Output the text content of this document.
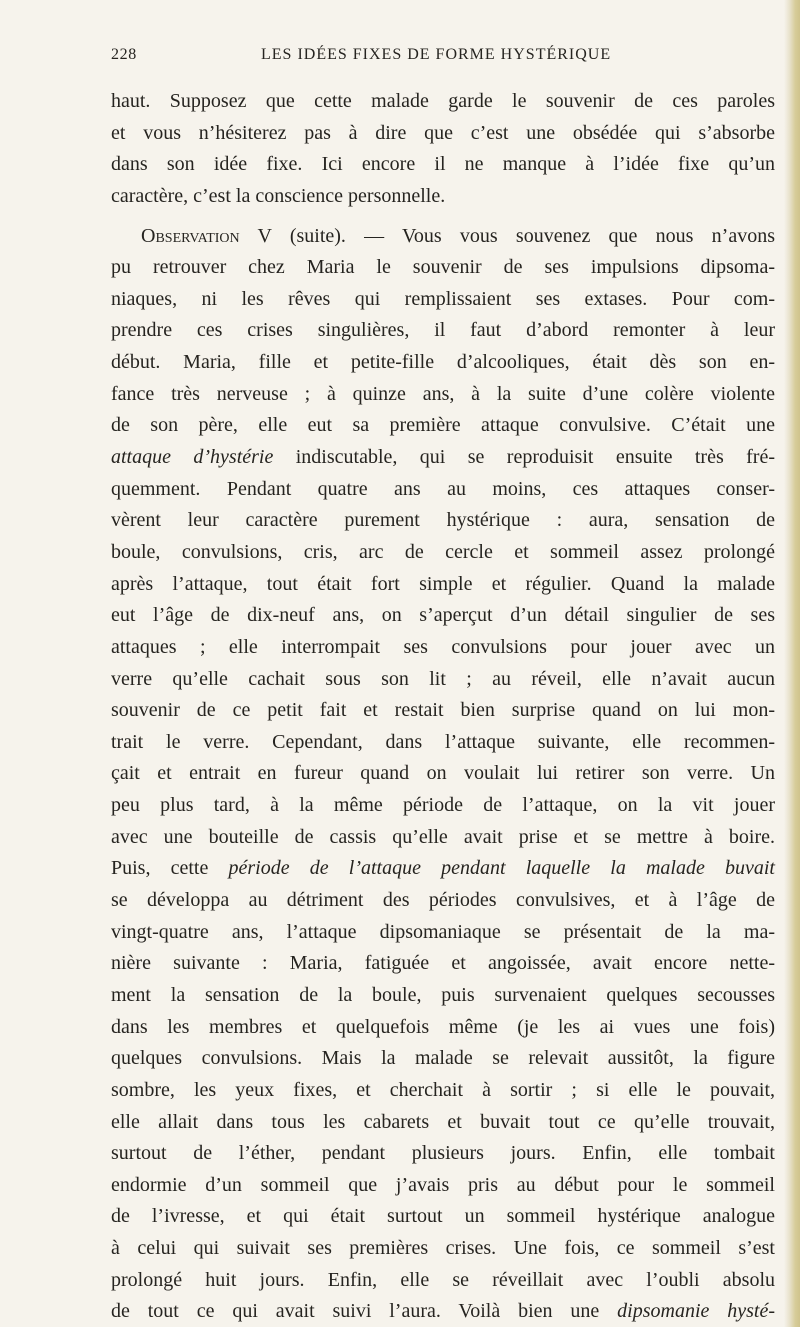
228	LES IDÉES FIXES DE FORME HYSTÉRIQUE
haut. Supposez que cette malade garde le souvenir de ces paroles
et vous n’hésiterez pas à dire que c’est une obsédée qui s’absorbe
dans son idée fixe. Ici encore il ne manque à l’idée fixe qu’un
caractère, c’est la conscience personnelle.
Observation V (suite). — Vous vous souvenez que nous n’avons
pu retrouver chez Maria le souvenir de ses impulsions dipsoma-
niaques, ni les rêves qui remplissaient ses extases. Pour com-
prendre ces crises singulières, il faut d’abord remonter à leur
début. Maria, fille et petite-fille d’alcooliques, était dès son en-
fance très nerveuse ; à quinze ans, à la suite d’une colère violente
de son père, elle eut sa première attaque convulsive. C’était une
attaque d’hystérie indiscutable, qui se reproduisit ensuite très fré-
quemment. Pendant quatre ans au moins, ces attaques conser-
vèrent leur caractère purement hystérique : aura, sensation de
boule, convulsions, cris, arc de cercle et sommeil assez prolongé
après l’attaque, tout était fort simple et régulier. Quand la malade
eut l’âge de dix-neuf ans, on s’aperçut d’un détail singulier de ses
attaques ; elle interrompait ses convulsions pour jouer avec un
verre qu’elle cachait sous son lit ; au réveil, elle n’avait aucun
souvenir de ce petit fait et restait bien surprise quand on lui mon-
trait le verre. Cependant, dans l’attaque suivante, elle recommen-
çait et entrait en fureur quand on voulait lui retirer son verre. Un
peu plus tard, à la même période de l’attaque, on la vit jouer
avec une bouteille de cassis qu’elle avait prise et se mettre à boire.
Puis, cette période de l’attaque pendant laquelle la malade buvait
se développa au détriment des périodes convulsives, et à l’âge de
vingt-quatre ans, l’attaque dipsomaniaque se présentait de la ma-
nière suivante : Maria, fatiguée et angoissée, avait encore nette-
ment la sensation de la boule, puis survenaient quelques secousses
dans les membres et quelquefois même (je les ai vues une fois)
quelques convulsions. Mais la malade se relevait aussitôt, la figure
sombre, les yeux fixes, et cherchait à sortir ; si elle le pouvait,
elle allait dans tous les cabarets et buvait tout ce qu’elle trouvait,
surtout de l’éther, pendant plusieurs jours. Enfin, elle tombait
endormie d’un sommeil que j’avais pris au début pour le sommeil
de l’ivresse, et qui était surtout un sommeil hystérique analogue
à celui qui suivait ses premières crises. Une fois, ce sommeil s’est
prolongé huit jours. Enfin, elle se réveillait avec l’oubli absolu
de tout ce qui avait suivi l’aura. Voilà bien une dipsomanie hysté-
